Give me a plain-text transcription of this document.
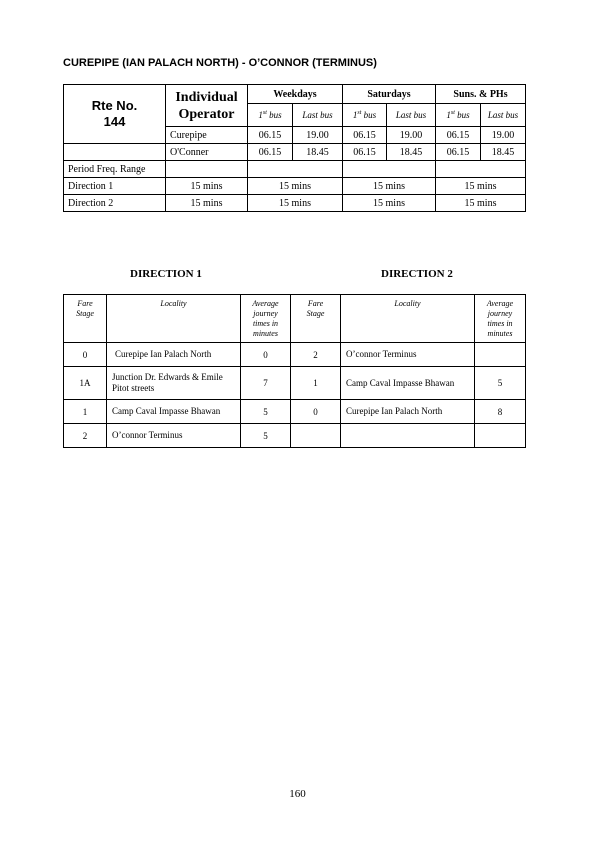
CUREPIPE (IAN PALACH NORTH) - O’CONNOR (TERMINUS)
Rte No.
144	Individual
Operator	Weekdays		Saturdays		Suns. & PHs	
		1st bus	Last bus	1st bus	Last bus	1st bus	Last bus
	Curepipe	06.15	19.00	06.15	19.00	06.15	19.00
	O'Conner	06.15	18.45	06.15	18.45	06.15	18.45
Period Freq. Range							
Direction 1	15 mins	15 mins		15 mins		15 mins	
Direction 2	15 mins	15 mins		15 mins		15 mins	
DIRECTION 1	DIRECTION 2
Fare
Stage	Locality	Average
journey
times in
minutes	Fare
Stage	Locality	Average
journey
times in
minutes
0	Curepipe Ian Palach North	0	2	O’connor Terminus	
1A	Junction Dr. Edwards & Emile Pitot streets	7	1	Camp Caval Impasse Bhawan	5
1	Camp Caval Impasse Bhawan	5	0	Curepipe Ian Palach North	8
2	O’connor Terminus	5			
160
